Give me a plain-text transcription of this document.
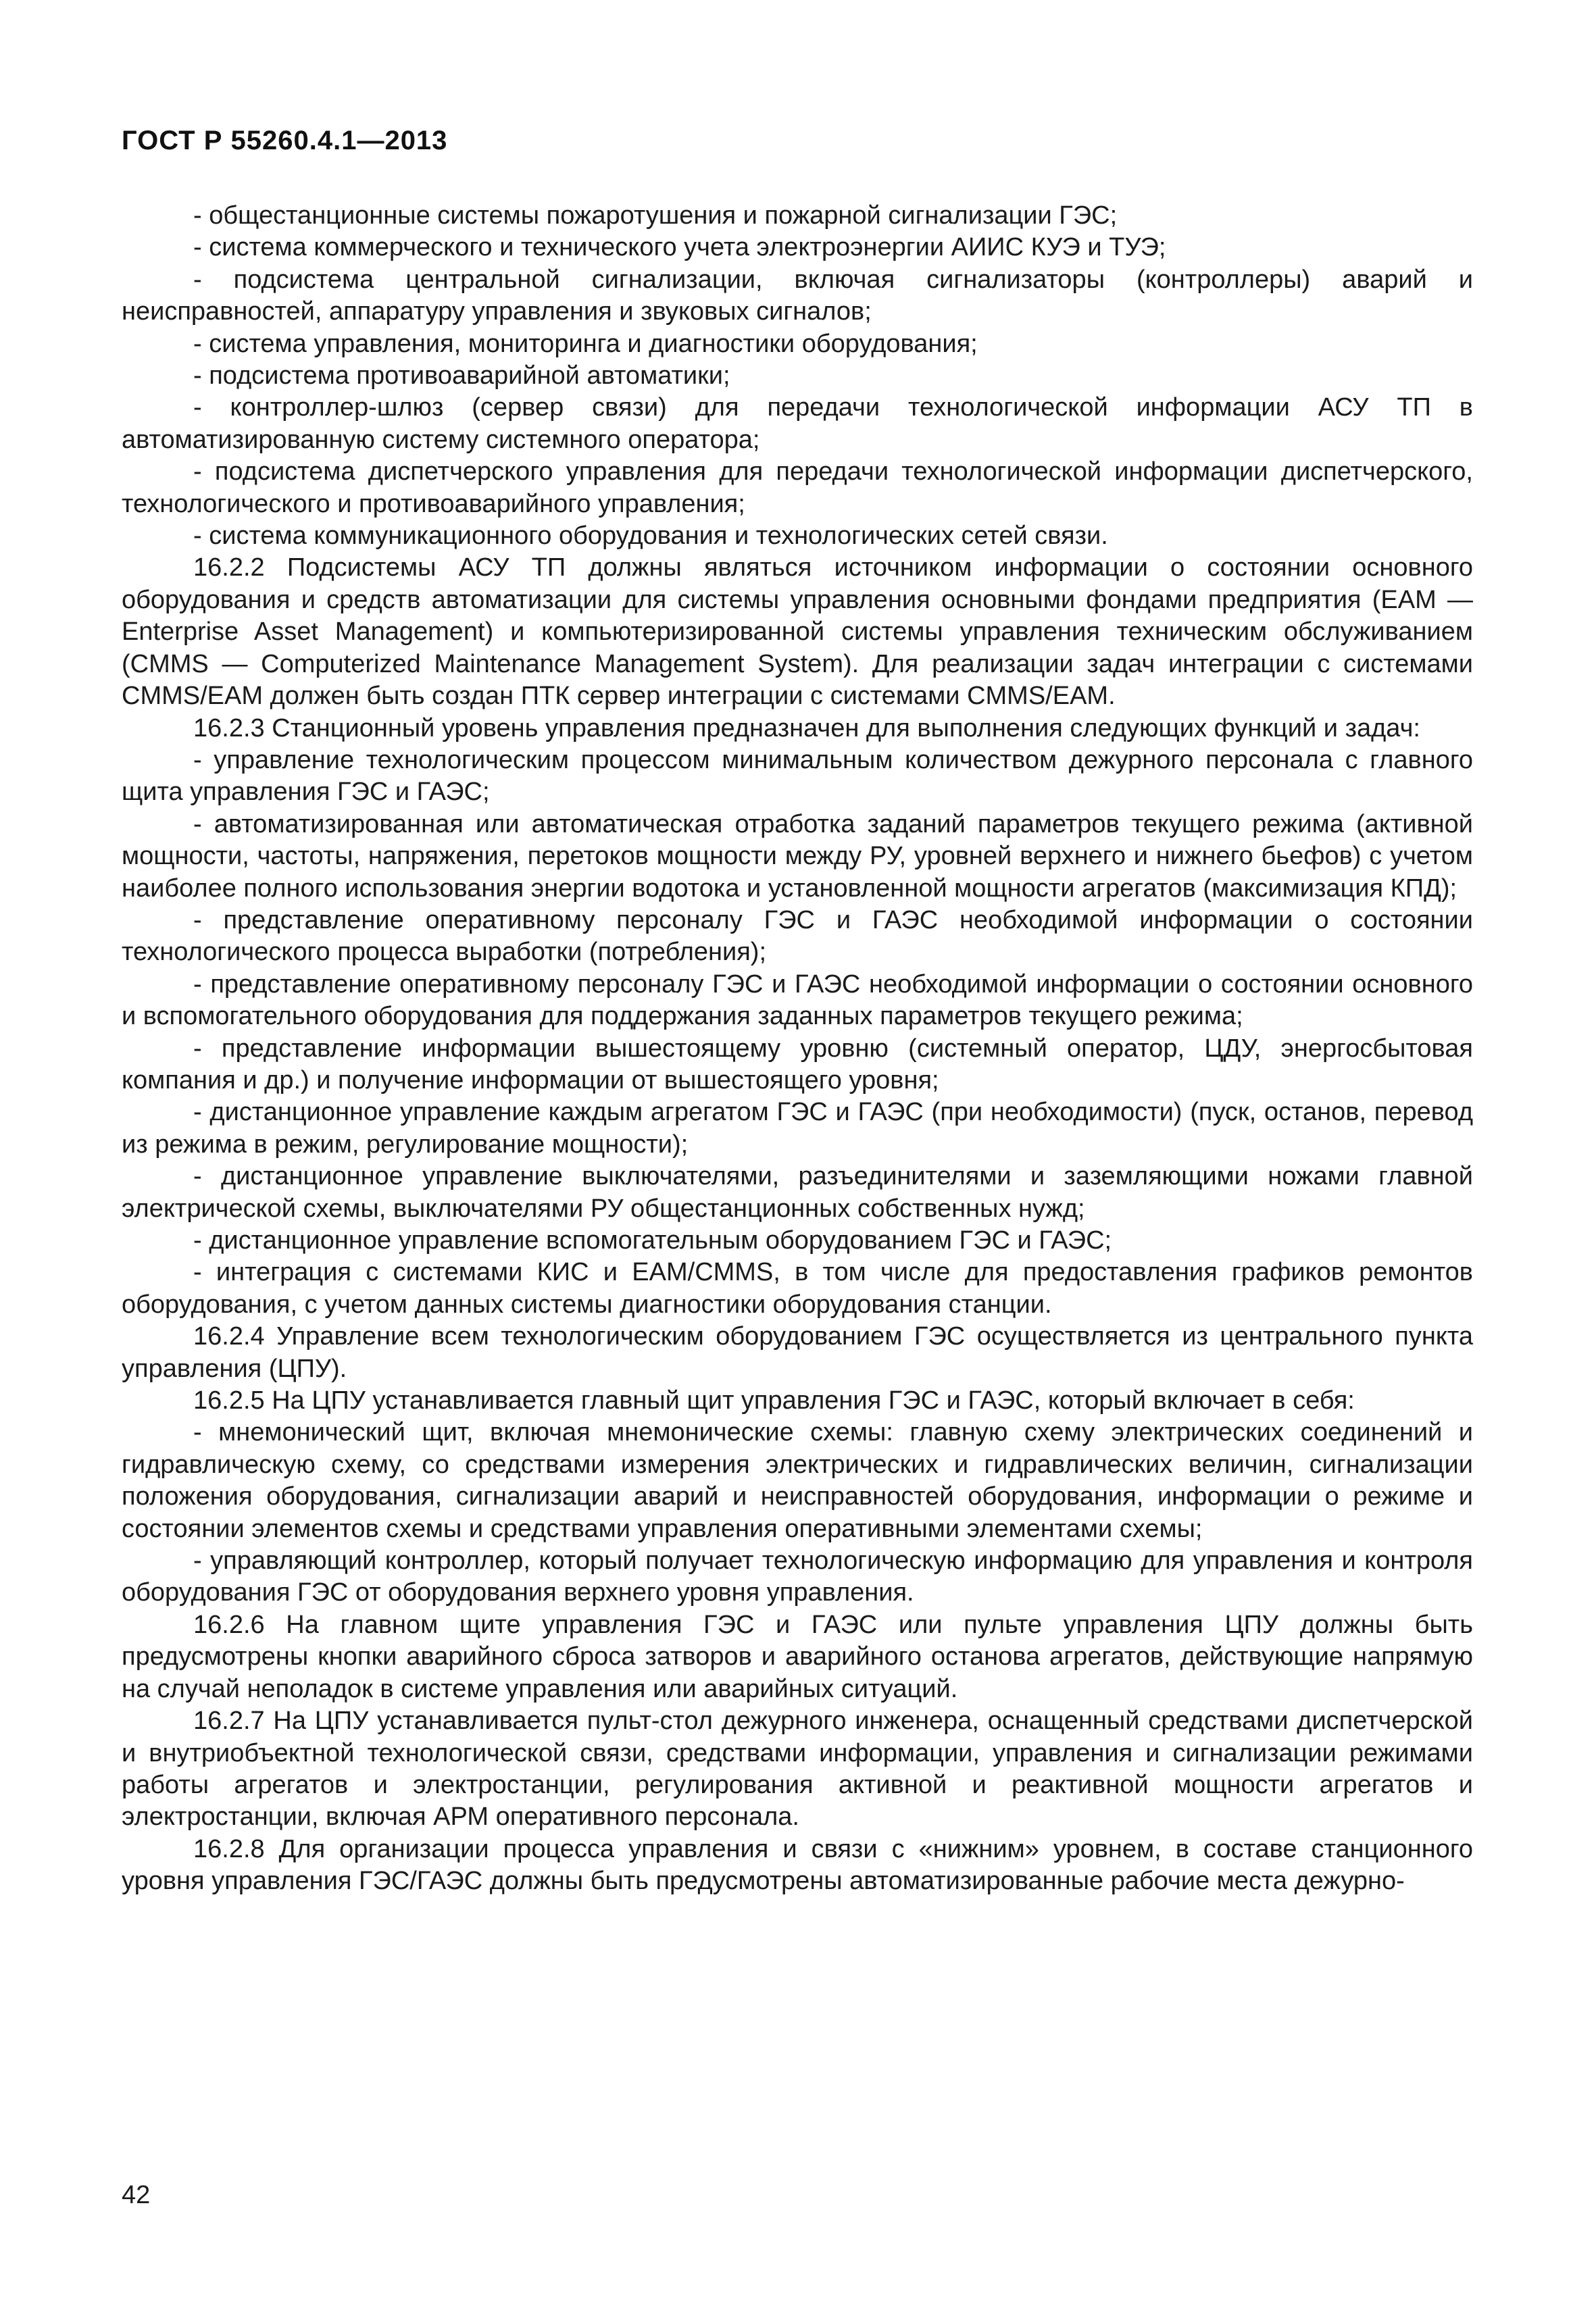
ГОСТ Р 55260.4.1—2013

- общестанционные системы пожаротушения и пожарной сигнализации ГЭС;

- система коммерческого и технического учета электроэнергии АИИС КУЭ и ТУЭ;

- подсистема центральной сигнализации, включая сигнализаторы (контроллеры) аварий и неисправностей, аппаратуру управления и звуковых сигналов;

- система управления, мониторинга и диагностики оборудования;

- подсистема противоаварийной автоматики;

- контроллер-шлюз (сервер связи) для передачи технологической информации АСУ ТП в автоматизированную систему системного оператора;

- подсистема диспетчерского управления для передачи технологической информации диспетчерского, технологического и противоаварийного управления;

- система коммуникационного оборудования и технологических сетей связи.

16.2.2 Подсистемы АСУ ТП должны являться источником информации о состоянии основного оборудования и средств автоматизации для системы управления основными фондами предприятия (ЕАМ — Enterprise Asset Management) и компьютеризированной системы управления техническим обслуживанием (CMMS — Computerized Maintenance Management System). Для реализации задач интеграции с системами CMMS/EAM должен быть создан ПТК сервер интеграции с системами CMMS/EAM.

16.2.3 Станционный уровень управления предназначен для выполнения следующих функций и задач:

- управление технологическим процессом минимальным количеством дежурного персонала с главного щита управления ГЭС и ГАЭС;

- автоматизированная или автоматическая отработка заданий параметров текущего режима (активной мощности, частоты, напряжения, перетоков мощности между РУ, уровней верхнего и нижнего бьефов) с учетом наиболее полного использования энергии водотока и установленной мощности агрегатов (максимизация КПД);

- представление оперативному персоналу ГЭС и ГАЭС необходимой информации о состоянии технологического процесса выработки (потребления);

- представление оперативному персоналу ГЭС и ГАЭС необходимой информации о состоянии основного и вспомогательного оборудования для поддержания заданных параметров текущего режима;

- представление информации вышестоящему уровню (системный оператор, ЦДУ, энергосбытовая компания и др.) и получение информации от вышестоящего уровня;

- дистанционное управление каждым агрегатом ГЭС и ГАЭС (при необходимости) (пуск, останов, перевод из режима в режим, регулирование мощности);

- дистанционное управление выключателями, разъединителями и заземляющими ножами главной электрической схемы, выключателями РУ общестанционных собственных нужд;

- дистанционное управление вспомогательным оборудованием ГЭС и ГАЭС;

- интеграция с системами КИС и EAM/CMMS, в том числе для предоставления графиков ремонтов оборудования, с учетом данных системы диагностики оборудования станции.

16.2.4 Управление всем технологическим оборудованием ГЭС осуществляется из центрального пункта управления (ЦПУ).

16.2.5 На ЦПУ устанавливается главный щит управления ГЭС и ГАЭС, который включает в себя:

- мнемонический щит, включая мнемонические схемы: главную схему электрических соединений и гидравлическую схему, со средствами измерения электрических и гидравлических величин, сигнализации положения оборудования, сигнализации аварий и неисправностей оборудования, информации о режиме и состоянии элементов схемы и средствами управления оперативными элементами схемы;

- управляющий контроллер, который получает технологическую информацию для управления и контроля оборудования ГЭС от оборудования верхнего уровня управления.

16.2.6 На главном щите управления ГЭС и ГАЭС или пульте управления ЦПУ должны быть предусмотрены кнопки аварийного сброса затворов и аварийного останова агрегатов, действующие напрямую на случай неполадок в системе управления или аварийных ситуаций.

16.2.7 На ЦПУ устанавливается пульт-стол дежурного инженера, оснащенный средствами диспетчерской и внутриобъектной технологической связи, средствами информации, управления и сигнализации режимами работы агрегатов и электростанции, регулирования активной и реактивной мощности агрегатов и электростанции, включая АРМ оперативного персонала.

16.2.8 Для организации процесса управления и связи с «нижним» уровнем, в составе станционного уровня управления ГЭС/ГАЭС должны быть предусмотрены автоматизированные рабочие места дежурно-

42
